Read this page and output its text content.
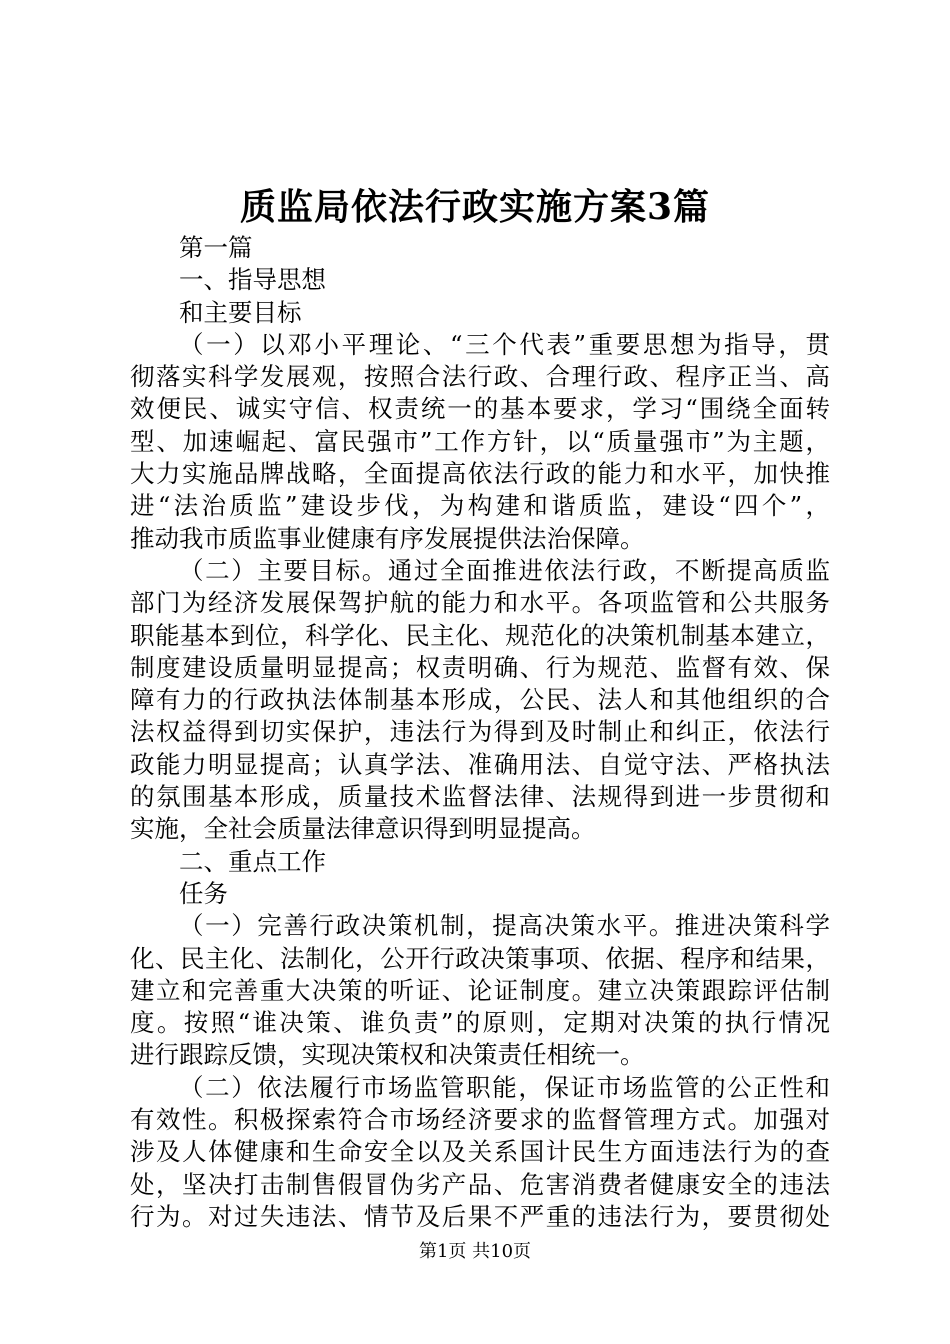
质监局依法行政实施方案3篇
第一篇
一、指导思想
和主要目标
（一）以邓小平理论、“三个代表”重要思想为指导，贯
彻落实科学发展观，按照合法行政、合理行政、程序正当、高
效便民、诚实守信、权责统一的基本要求，学习“围绕全面转
型、加速崛起、富民强市”工作方针，以“质量强市”为主题，
大力实施品牌战略，全面提高依法行政的能力和水平，加快推
进“法治质监”建设步伐，为构建和谐质监，建设“四个”，
推动我市质监事业健康有序发展提供法治保障。
（二）主要目标。通过全面推进依法行政，不断提高质监
部门为经济发展保驾护航的能力和水平。各项监管和公共服务
职能基本到位，科学化、民主化、规范化的决策机制基本建立，
制度建设质量明显提高；权责明确、行为规范、监督有效、保
障有力的行政执法体制基本形成，公民、法人和其他组织的合
法权益得到切实保护，违法行为得到及时制止和纠正，依法行
政能力明显提高；认真学法、准确用法、自觉守法、严格执法
的氛围基本形成，质量技术监督法律、法规得到进一步贯彻和
实施，全社会质量法律意识得到明显提高。
二、重点工作
任务
（一）完善行政决策机制，提高决策水平。推进决策科学
化、民主化、法制化，公开行政决策事项、依据、程序和结果，
建立和完善重大决策的听证、论证制度。建立决策跟踪评估制
度。按照“谁决策、谁负责”的原则，定期对决策的执行情况
进行跟踪反馈，实现决策权和决策责任相统一。
（二）依法履行市场监管职能，保证市场监管的公正性和
有效性。积极探索符合市场经济要求的监督管理方式。加强对
涉及人体健康和生命安全以及关系国计民生方面违法行为的查
处，坚决打击制售假冒伪劣产品、危害消费者健康安全的违法
行为。对过失违法、情节及后果不严重的违法行为，要贯彻处
第1页 共10页
